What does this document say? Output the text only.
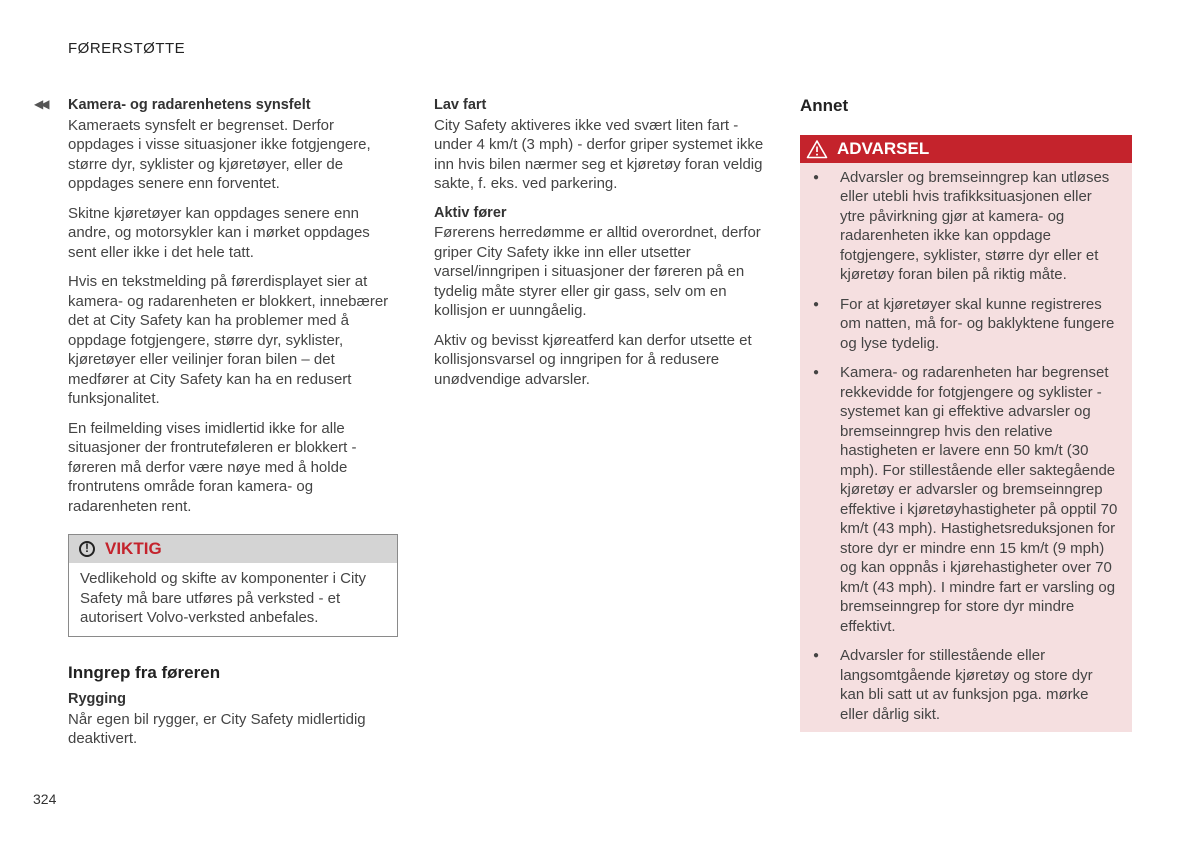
FØRERSTØTTE
◀◀ Kamera- og radarenhetens synsfelt

Kameraets synsfelt er begrenset. Derfor oppdages i visse situasjoner ikke fotgjengere, større dyr, syklister og kjøretøyer, eller de oppdages senere enn forventet.

Skitne kjøretøyer kan oppdages senere enn andre, og motorsykler kan i mørket oppdages sent eller ikke i det hele tatt.

Hvis en tekstmelding på førerdisplayet sier at kamera- og radarenheten er blokkert, innebærer det at City Safety kan ha problemer med å oppdage fotgjengere, større dyr, syklister, kjøretøyer eller veilinjer foran bilen – det medfører at City Safety kan ha en redusert funksjonalitet.

En feilmelding vises imidlertid ikke for alle situasjoner der frontruteføleren er blokkert - føreren må derfor være nøye med å holde frontrutens område foran kamera- og radarenheten rent.

! VIKTIG
Vedlikehold og skifte av komponenter i City Safety må bare utføres på verksted - et autorisert Volvo-verksted anbefales.
Inngrep fra føreren
Rygging

Når egen bil rygger, er City Safety midlertidig deaktivert.

Lav fart

City Safety aktiveres ikke ved svært liten fart - under 4 km/t (3 mph) - derfor griper systemet ikke inn hvis bilen nærmer seg et kjøretøy foran veldig sakte, f. eks. ved parkering.

Aktiv fører

Førerens herredømme er alltid overordnet, derfor griper City Safety ikke inn eller utsetter varsel/inngripen i situasjoner der føreren på en tydelig måte styrer eller gir gass, selv om en kollisjon er uunngåelig.

Aktiv og bevisst kjøreatferd kan derfor utsette et kollisjonsvarsel og inngripen for å redusere unødvendige advarsler.

Annet
ADVARSEL
● Advarsler og bremseinngrep kan utløses eller utebli hvis trafikksituasjonen eller ytre påvirkning gjør at kamera- og radarenheten ikke kan oppdage fotgjengere, syklister, større dyr eller et kjøretøy foran bilen på riktig måte.
● For at kjøretøyer skal kunne registreres om natten, må for- og baklyktene fungere og lyse tydelig.
● Kamera- og radarenheten har begrenset rekkevidde for fotgjengere og syklister - systemet kan gi effektive advarsler og bremseinngrep hvis den relative hastigheten er lavere enn 50 km/t (30 mph). For stillestående eller saktegående kjøretøy er advarsler og bremseinngrep effektive i kjøretøyhastigheter på opptil 70 km/t (43 mph). Hastighetsreduksjonen for store dyr er mindre enn 15 km/t (9 mph) og kan oppnås i kjørehastigheter over 70 km/t (43 mph). I mindre fart er varsling og bremseinngrep for store dyr mindre effektivt.
● Advarsler for stillestående eller langsomtgående kjøretøy og store dyr kan bli satt ut av funksjon pga. mørke eller dårlig sikt.
324
